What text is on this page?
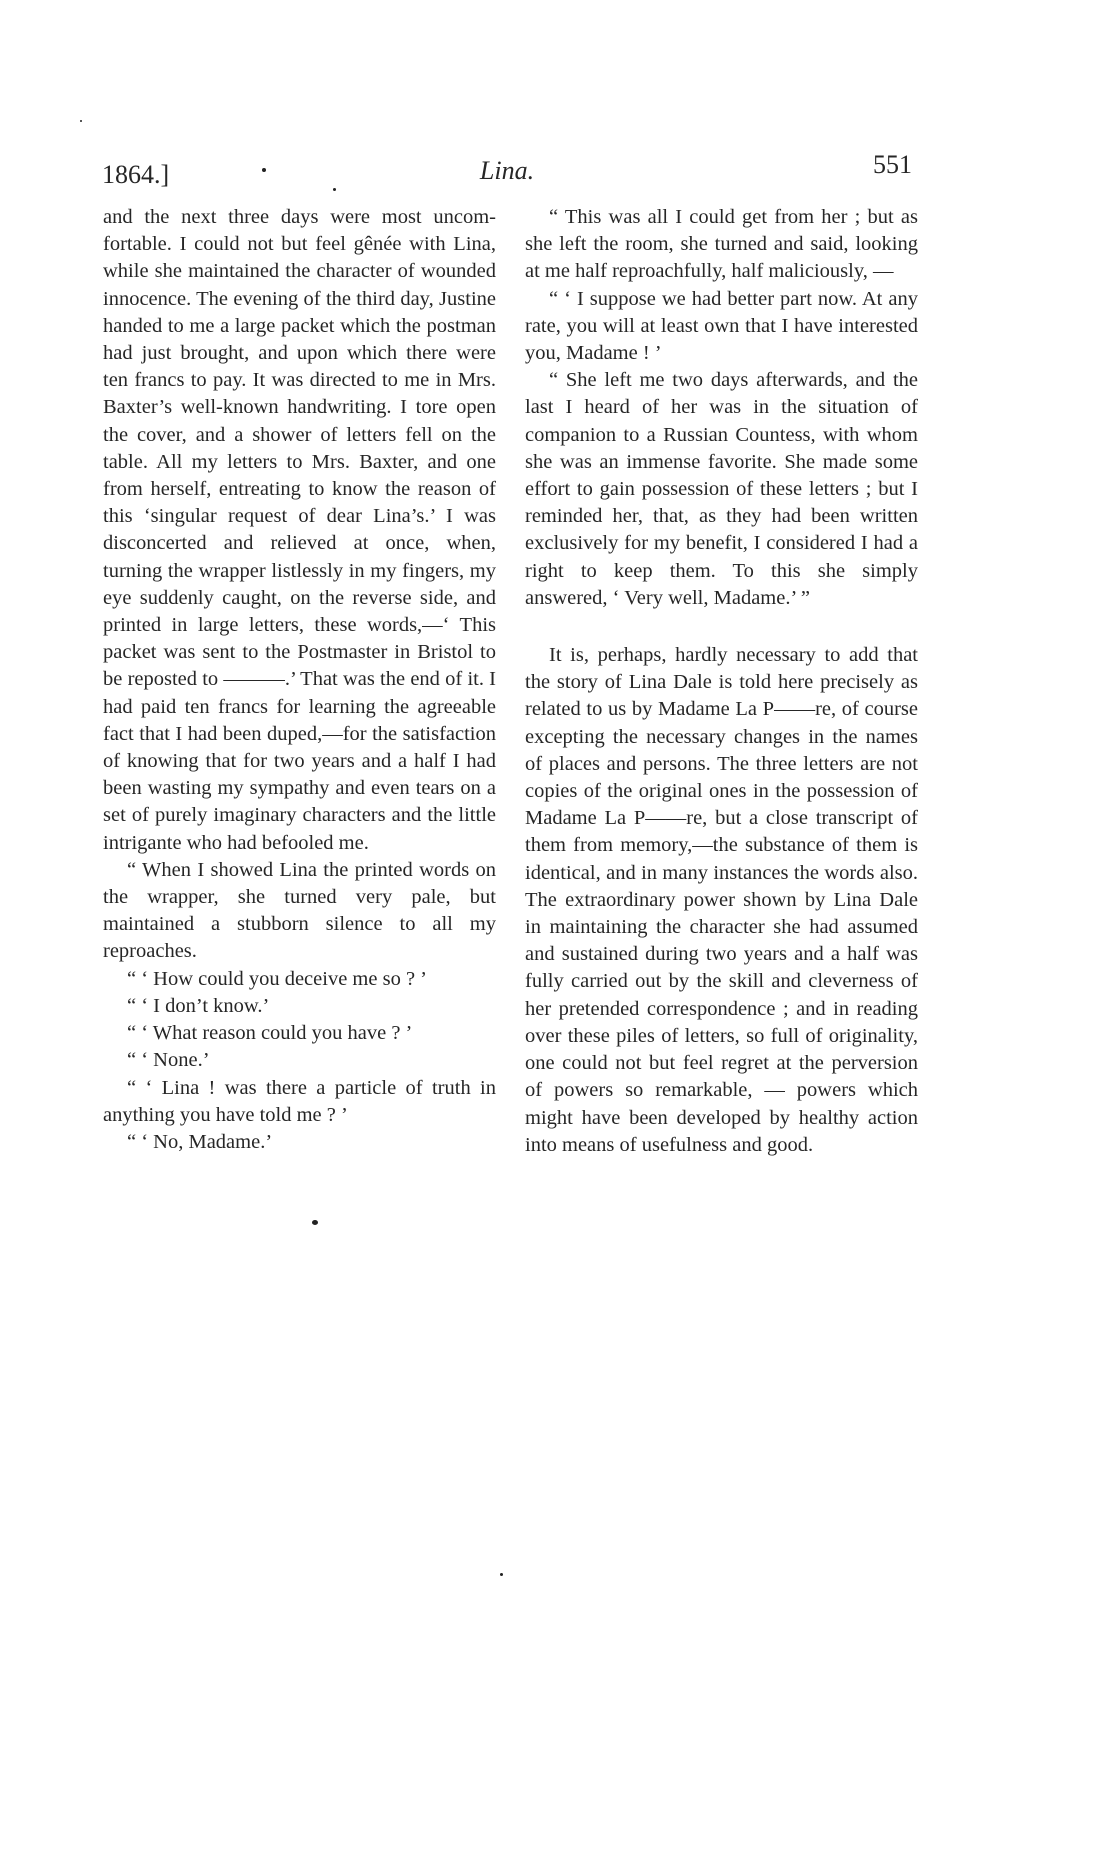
1864.]	Lina.	551

and the next three days were most uncomfortable. I could not but feel gênée with Lina, while she maintained the character of wounded innocence. The evening of the third day, Justine handed to me a large packet which the postman had just brought, and upon which there were ten francs to pay. It was directed to me in Mrs. Baxter’s well-known handwriting. I tore open the cover, and a shower of letters fell on the table. All my letters to Mrs. Baxter, and one from herself, entreating to know the reason of this ‘singular request of dear Lina’s.’ I was disconcerted and relieved at once, when, turning the wrapper listlessly in my fingers, my eye suddenly caught, on the reverse side, and printed in large letters, these words,—‘ This packet was sent to the Postmaster in Bristol to be reposted to ———.’ That was the end of it. I had paid ten francs for learning the agreeable fact that I had been duped,—for the satisfaction of knowing that for two years and a half I had been wasting my sympathy and even tears on a set of purely imaginary characters and the little intrigante who had befooled me.

“ When I showed Lina the printed words on the wrapper, she turned very pale, but maintained a stubborn silence to all my reproaches.

“ ‘ How could you deceive me so ? ’

“ ‘ I don’t know.’

“ ‘ What reason could you have ? ’

“ ‘ None.’

“ ‘ Lina ! was there a particle of truth in anything you have told me ? ’

“ ‘ No, Madame.’

“ This was all I could get from her ; but as she left the room, she turned and said, looking at me half reproachfully, half maliciously, —

“ ‘ I suppose we had better part now. At any rate, you will at least own that I have interested you, Madame ! ’

“ She left me two days afterwards, and the last I heard of her was in the situation of companion to a Russian Countess, with whom she was an immense favorite. She made some effort to gain possession of these letters ; but I reminded her, that, as they had been written exclusively for my benefit, I considered I had a right to keep them. To this she simply answered, ‘ Very well, Madame.’ ”

It is, perhaps, hardly necessary to add that the story of Lina Dale is told here precisely as related to us by Madame La P——re, of course excepting the necessary changes in the names of places and persons. The three letters are not copies of the original ones in the possession of Madame La P——re, but a close transcript of them from memory,—the substance of them is identical, and in many instances the words also. The extraordinary power shown by Lina Dale in maintaining the character she had assumed and sustained during two years and a half was fully carried out by the skill and cleverness of her pretended correspondence ; and in reading over these piles of letters, so full of originality, one could not but feel regret at the perversion of powers so remarkable, — powers which might have been developed by healthy action into means of usefulness and good.
